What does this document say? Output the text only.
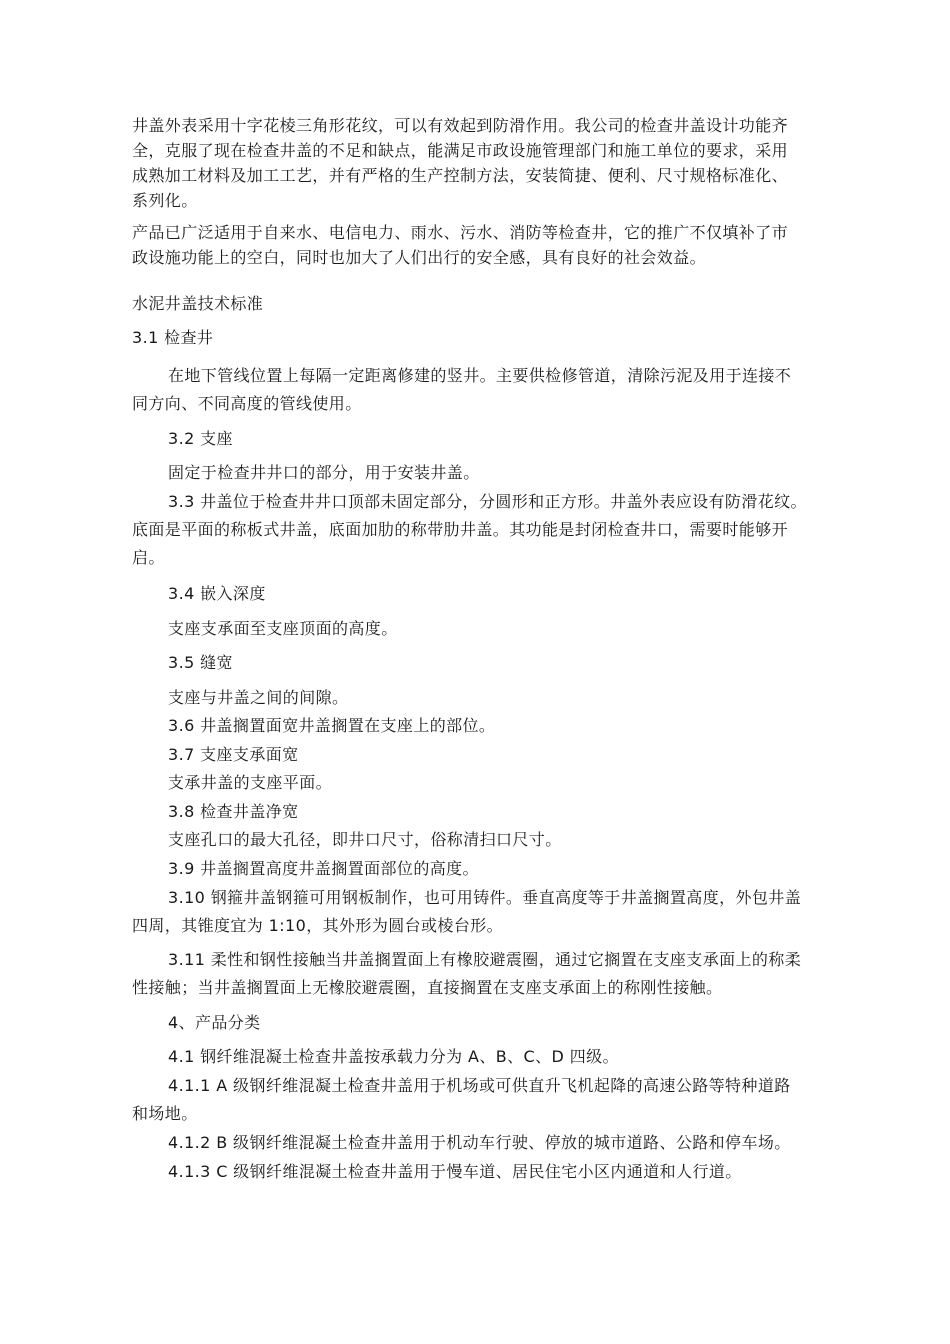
井盖外表采用十字花棱三角形花纹，可以有效起到防滑作用。我公司的检查井盖设计功能齐
全，克服了现在检查井盖的不足和缺点，能满足市政设施管理部门和施工单位的要求，采用
成熟加工材料及加工工艺，并有严格的生产控制方法，安装简捷、便利、尺寸规格标准化、
系列化。
产品已广泛适用于自来水、电信电力、雨水、污水、消防等检查井，它的推广不仅填补了市
政设施功能上的空白，同时也加大了人们出行的安全感，具有良好的社会效益。
水泥井盖技术标准
3.1 检查井
在地下管线位置上每隔一定距离修建的竖井。主要供检修管道，清除污泥及用于连接不
同方向、不同高度的管线使用。
3.2 支座
固定于检查井井口的部分，用于安装井盖。
3.3 井盖位于检查井井口顶部未固定部分，分圆形和正方形。井盖外表应设有防滑花纹。
底面是平面的称板式井盖，底面加肋的称带肋井盖。其功能是封闭检查井口，需要时能够开
启。
3.4 嵌入深度
支座支承面至支座顶面的高度。
3.5 缝宽
支座与井盖之间的间隙。
3.6 井盖搁置面宽井盖搁置在支座上的部位。
3.7 支座支承面宽
支承井盖的支座平面。
3.8 检查井盖净宽
支座孔口的最大孔径，即井口尺寸，俗称清扫口尺寸。
3.9 井盖搁置高度井盖搁置面部位的高度。
3.10 钢箍井盖钢箍可用钢板制作，也可用铸件。垂直高度等于井盖搁置高度，外包井盖
四周，其锥度宜为 1:10，其外形为圆台或棱台形。
3.11 柔性和钢性接触当井盖搁置面上有橡胶避震圈，通过它搁置在支座支承面上的称柔
性接触；当井盖搁置面上无橡胶避震圈，直接搁置在支座支承面上的称刚性接触。
4、产品分类
4.1 钢纤维混凝土检查井盖按承载力分为 A、B、C、D 四级。
4.1.1 A 级钢纤维混凝土检查井盖用于机场或可供直升飞机起降的高速公路等特种道路
和场地。
4.1.2 B 级钢纤维混凝土检查井盖用于机动车行驶、停放的城市道路、公路和停车场。
4.1.3 C 级钢纤维混凝土检查井盖用于慢车道、居民住宅小区内通道和人行道。
